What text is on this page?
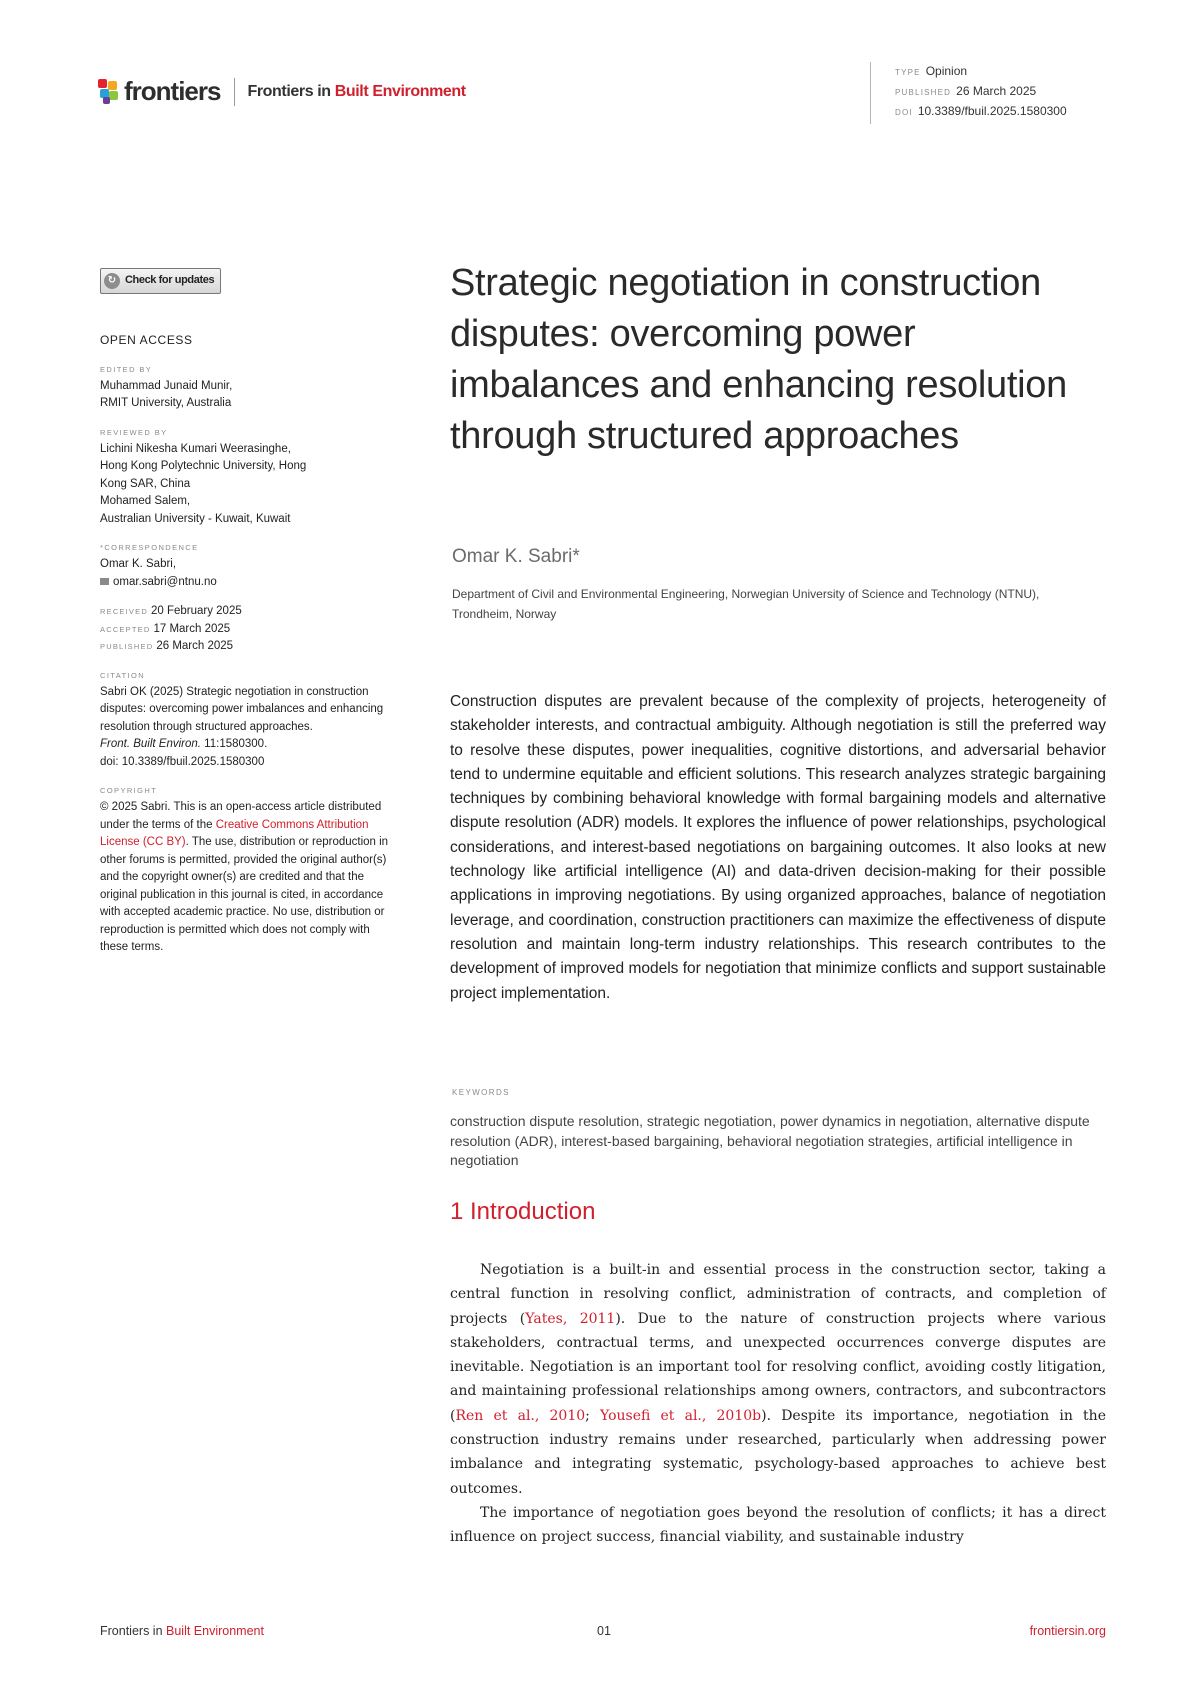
frontiers Frontiers in Built Environment
TYPE Opinion
PUBLISHED 26 March 2025
DOI 10.3389/fbuil.2025.1580300
↻ Check for updates
OPEN ACCESS
EDITED BY
Muhammad Junaid Munir,
RMIT University, Australia
REVIEWED BY
Lichini Nikesha Kumari Weerasinghe,
Hong Kong Polytechnic University, Hong
Kong SAR, China
Mohamed Salem,
Australian University - Kuwait, Kuwait
*CORRESPONDENCE
Omar K. Sabri,
omar.sabri@ntnu.no
RECEIVED 20 February 2025
ACCEPTED 17 March 2025
PUBLISHED 26 March 2025
CITATION
Sabri OK (2025) Strategic negotiation in construction disputes: overcoming power imbalances and enhancing resolution through structured approaches.
Front. Built Environ. 11:1580300.
doi: 10.3389/fbuil.2025.1580300
COPYRIGHT
© 2025 Sabri. This is an open-access article distributed under the terms of the Creative Commons Attribution License (CC BY). The use, distribution or reproduction in other forums is permitted, provided the original author(s) and the copyright owner(s) are credited and that the original publication in this journal is cited, in accordance with accepted academic practice. No use, distribution or reproduction is permitted which does not comply with these terms.
Strategic negotiation in construction disputes: overcoming power imbalances and enhancing resolution through structured approaches
Omar K. Sabri*
Department of Civil and Environmental Engineering, Norwegian University of Science and Technology (NTNU), Trondheim, Norway

Construction disputes are prevalent because of the complexity of projects, heterogeneity of stakeholder interests, and contractual ambiguity. Although negotiation is still the preferred way to resolve these disputes, power inequalities, cognitive distortions, and adversarial behavior tend to undermine equitable and efficient solutions. This research analyzes strategic bargaining techniques by combining behavioral knowledge with formal bargaining models and alternative dispute resolution (ADR) models. It explores the influence of power relationships, psychological considerations, and interest-based negotiations on bargaining outcomes. It also looks at new technology like artificial intelligence (AI) and data-driven decision-making for their possible applications in improving negotiations. By using organized approaches, balance of negotiation leverage, and coordination, construction practitioners can maximize the effectiveness of dispute resolution and maintain long-term industry relationships. This research contributes to the development of improved models for negotiation that minimize conflicts and support sustainable project implementation.

KEYWORDS

construction dispute resolution, strategic negotiation, power dynamics in negotiation, alternative dispute resolution (ADR), interest-based bargaining, behavioral negotiation strategies, artificial intelligence in negotiation

1 Introduction

Negotiation is a built-in and essential process in the construction sector, taking a central function in resolving conflict, administration of contracts, and completion of projects (Yates, 2011). Due to the nature of construction projects where various stakeholders, contractual terms, and unexpected occurrences converge disputes are inevitable. Negotiation is an important tool for resolving conflict, avoiding costly litigation, and maintaining professional relationships among owners, contractors, and subcontractors (Ren et al., 2010; Yousefi et al., 2010b). Despite its importance, negotiation in the construction industry remains under researched, particularly when addressing power imbalance and integrating systematic, psychology-based approaches to achieve best outcomes.

The importance of negotiation goes beyond the resolution of conflicts; it has a direct influence on project success, financial viability, and sustainable industry

Frontiers in Built Environment	01	frontiersin.org
